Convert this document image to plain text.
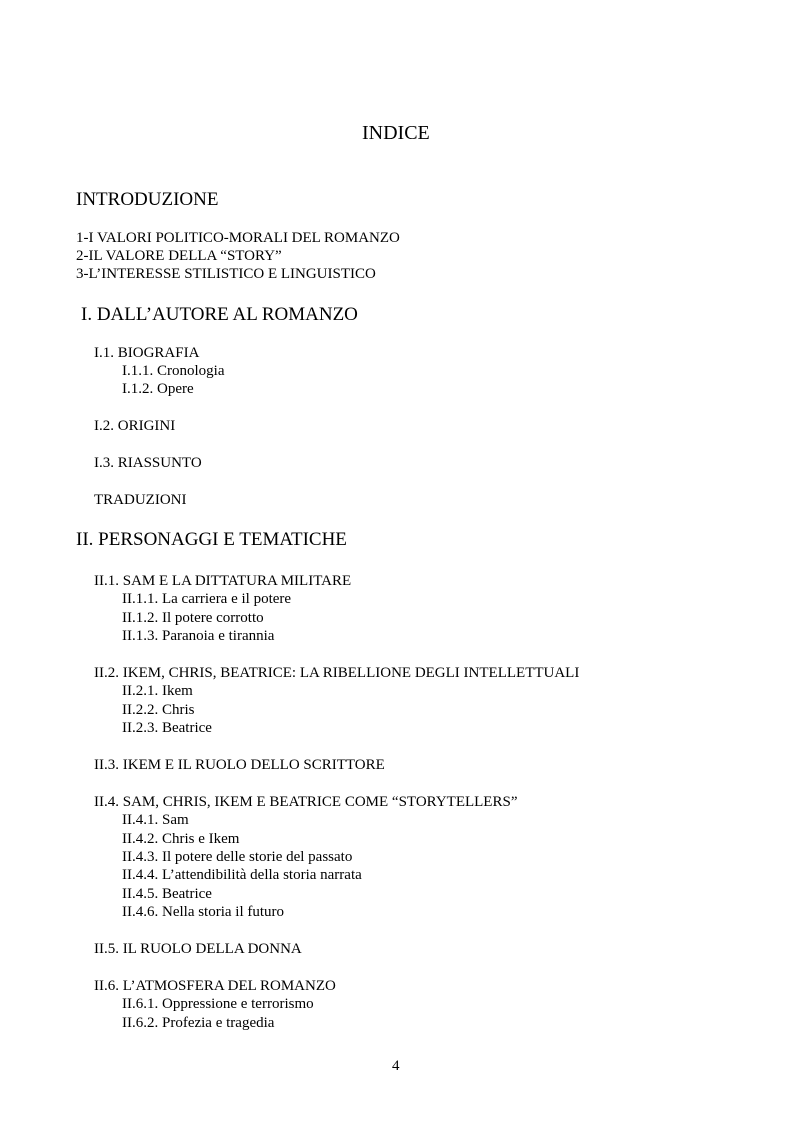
INDICE
INTRODUZIONE
1-I VALORI POLITICO-MORALI DEL ROMANZO
2-IL VALORE DELLA “STORY”
3-L’INTERESSE STILISTICO E LINGUISTICO
I. DALL’AUTORE AL ROMANZO
I.1. BIOGRAFIA
I.1.1. Cronologia
I.1.2. Opere
I.2. ORIGINI
I.3. RIASSUNTO
TRADUZIONI
II. PERSONAGGI E TEMATICHE
II.1. SAM E LA DITTATURA MILITARE
II.1.1. La carriera e il potere
II.1.2. Il potere corrotto
II.1.3. Paranoia e tirannia
II.2. IKEM, CHRIS, BEATRICE: LA RIBELLIONE DEGLI INTELLETTUALI
II.2.1. Ikem
II.2.2. Chris
II.2.3. Beatrice
II.3. IKEM E IL RUOLO DELLO SCRITTORE
II.4. SAM, CHRIS, IKEM E BEATRICE COME “STORYTELLERS”
II.4.1. Sam
II.4.2. Chris e Ikem
II.4.3. Il potere delle storie del passato
II.4.4. L’attendibilità della storia narrata
II.4.5. Beatrice
II.4.6. Nella storia il futuro
II.5. IL RUOLO DELLA DONNA
II.6. L’ATMOSFERA DEL ROMANZO
II.6.1. Oppressione e terrorismo
II.6.2. Profezia e tragedia
4
